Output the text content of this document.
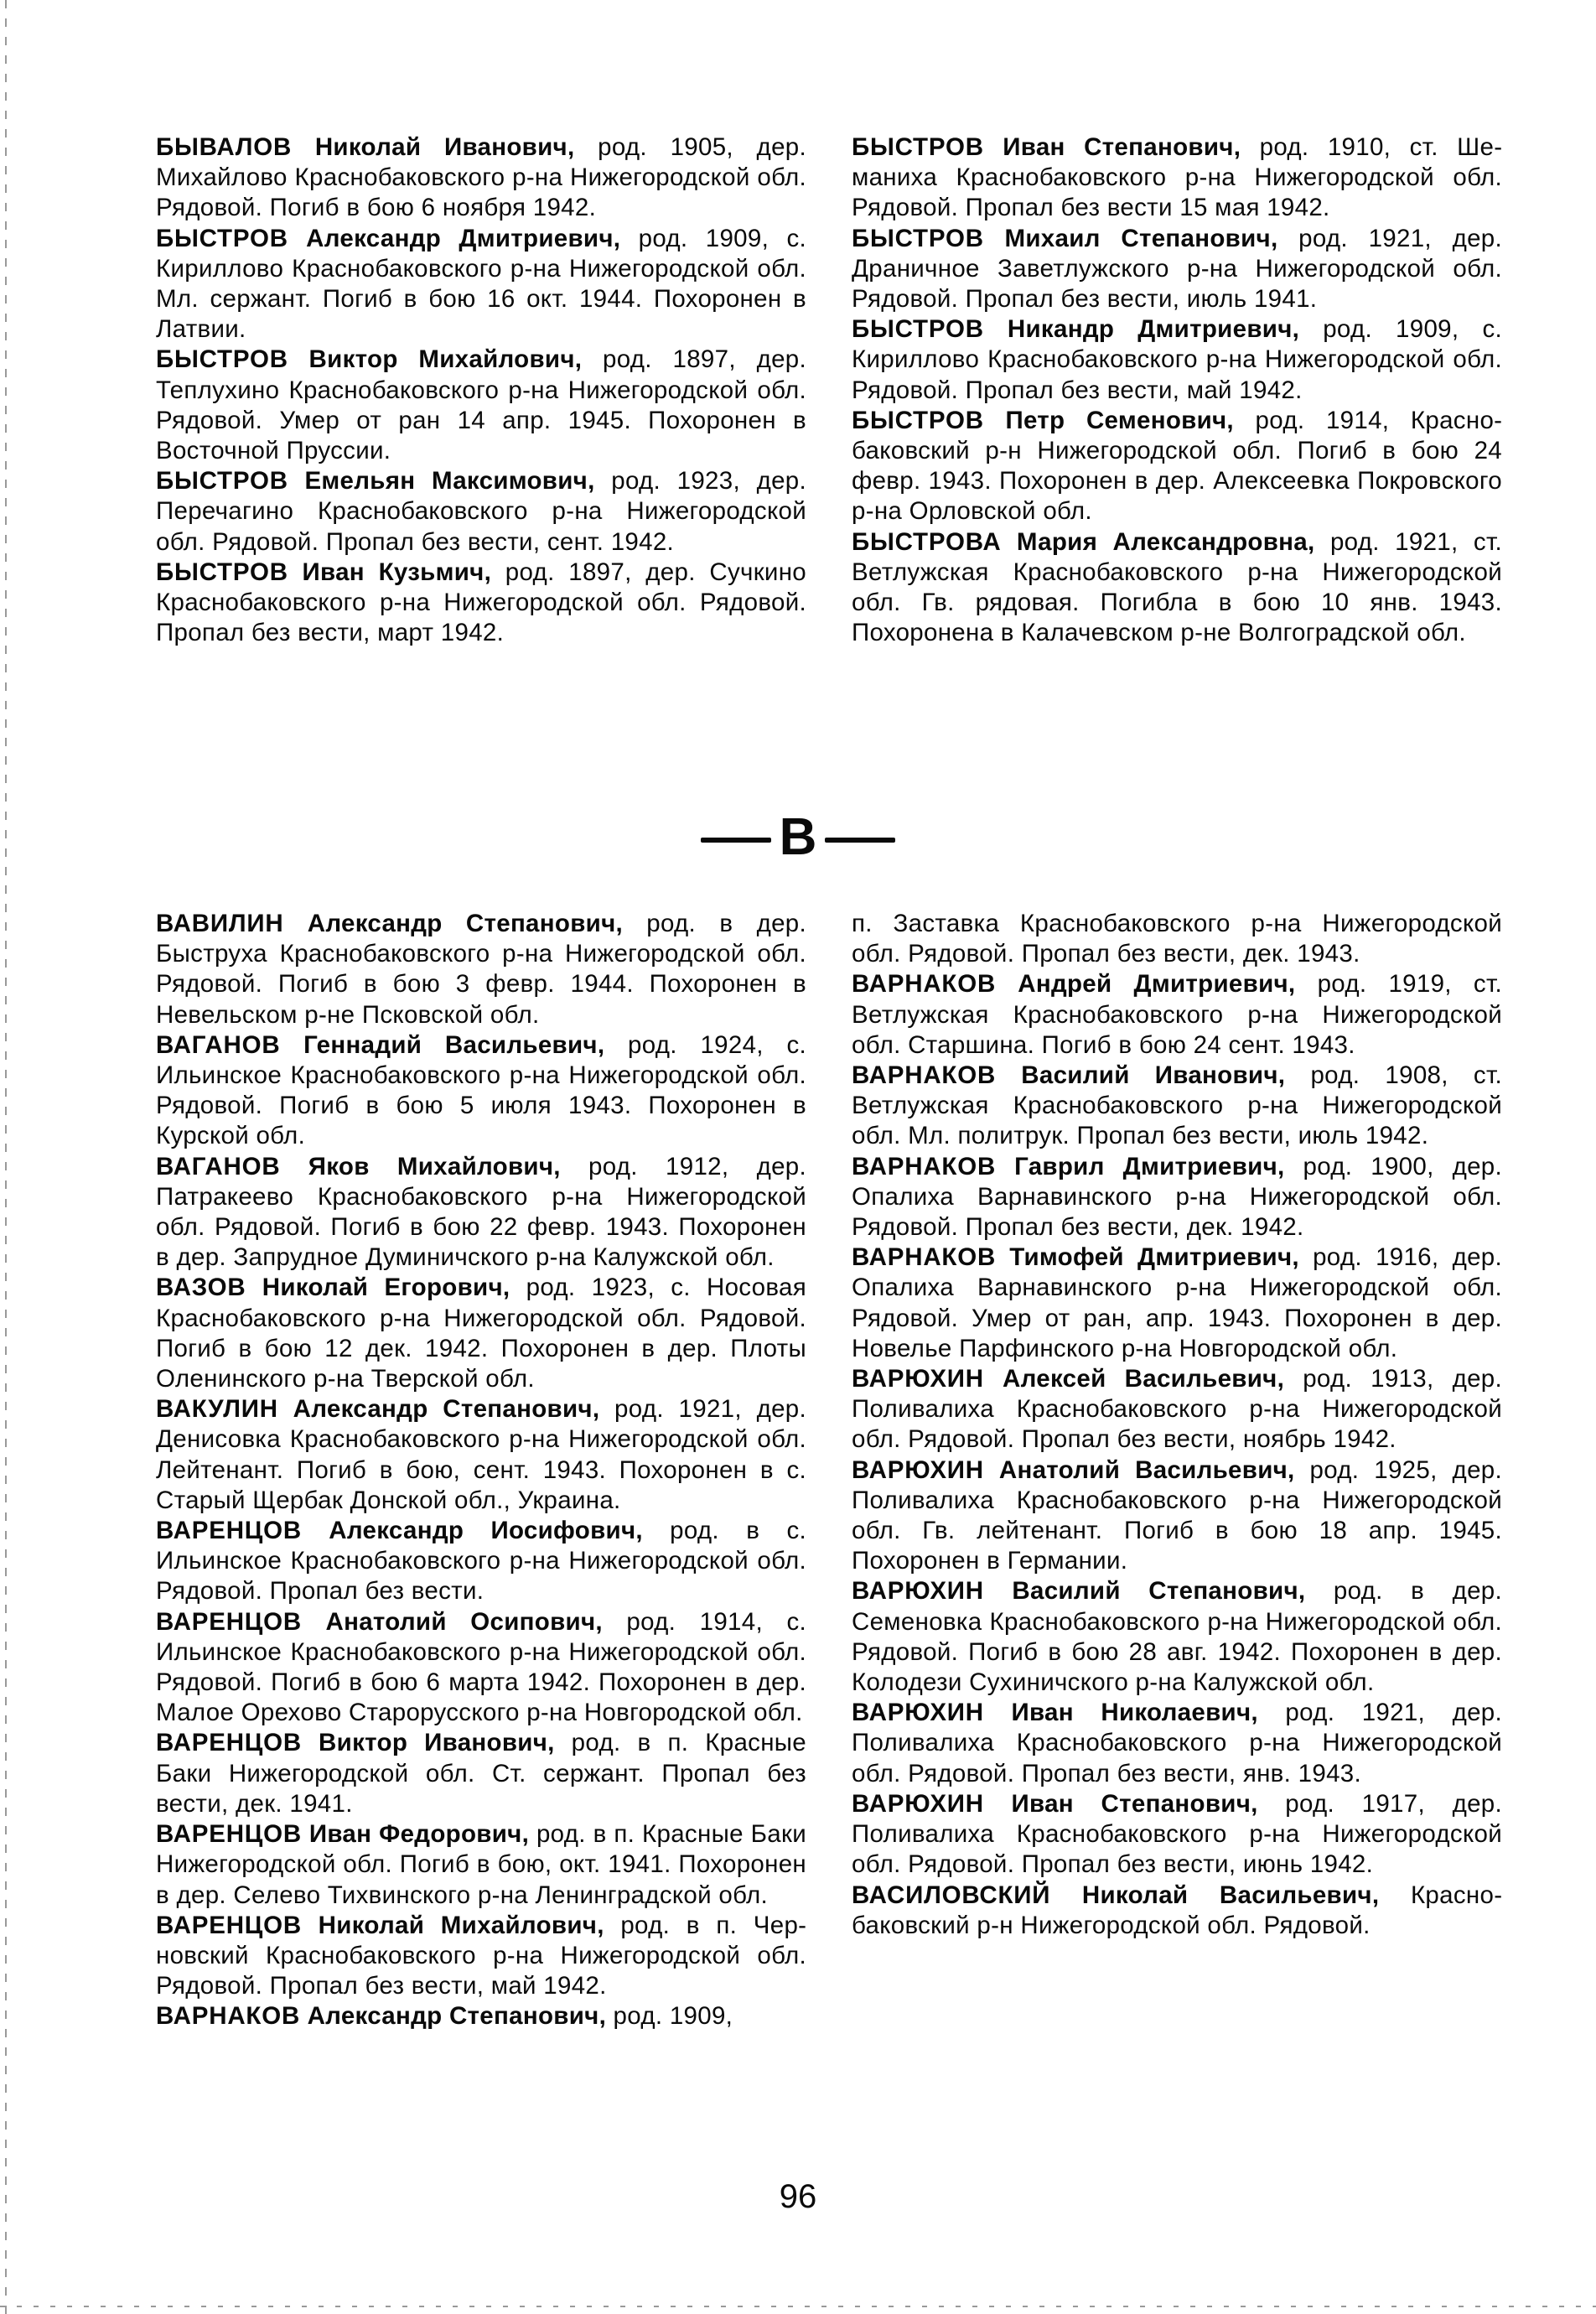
БЫВАЛОВ Николай Иванович, род. 1905, дер. Михайлово Краснобаковского р-на Нижегородской обл. Рядовой. Погиб в бою 6 ноября 1942.

БЫСТРОВ Александр Дмитриевич, род. 1909, с. Кириллово Краснобаковского р-на Нижегородской обл. Мл. сержант. Погиб в бою 16 окт. 1944. Похоронен в Латвии.

БЫСТРОВ Виктор Михайлович, род. 1897, дер. Теплухино Краснобаковского р-на Нижегородской обл. Рядовой. Умер от ран 14 апр. 1945. Похоронен в Восточной Пруссии.

БЫСТРОВ Емельян Максимович, род. 1923, дер. Перечагино Краснобаковского р-на Нижегородской обл. Рядовой. Пропал без вести, сент. 1942.

БЫСТРОВ Иван Кузьмич, род. 1897, дер. Сучкино Краснобаковского р-на Нижегородской обл. Рядовой. Пропал без вести, март 1942.

БЫСТРОВ Иван Степанович, род. 1910, ст. Шеманиха Краснобаковского р-на Нижегородской обл. Рядовой. Пропал без вести 15 мая 1942.

БЫСТРОВ Михаил Степанович, род. 1921, дер. Драничное Заветлужского р-на Нижегородской обл. Рядовой. Пропал без вести, июль 1941.

БЫСТРОВ Никандр Дмитриевич, род. 1909, с. Кириллово Краснобаковского р-на Нижегородской обл. Рядовой. Пропал без вести, май 1942.

БЫСТРОВ Петр Семенович, род. 1914, Краснобаковский р-н Нижегородской обл. Погиб в бою 24 февр. 1943. Похоронен в дер. Алексеевка Покровского р-на Орловской обл.

БЫСТРОВА Мария Александровна, род. 1921, ст. Ветлужская Краснобаковского р-на Нижегородской обл. Гв. рядовая. Погибла в бою 10 янв. 1943. Похоронена в Калачевском р-не Волгоградской обл.

В

ВАВИЛИН Александр Степанович, род. в дер. Быструха Краснобаковского р-на Нижегородской обл. Рядовой. Погиб в бою 3 февр. 1944. Похоронен в Невельском р-не Псковской обл.

ВАГАНОВ Геннадий Васильевич, род. 1924, с. Ильинское Краснобаковского р-на Нижегородской обл. Рядовой. Погиб в бою 5 июля 1943. Похоронен в Курской обл.

ВАГАНОВ Яков Михайлович, род. 1912, дер. Патракеево Краснобаковского р-на Нижегородской обл. Рядовой. Погиб в бою 22 февр. 1943. Похоронен в дер. Запрудное Думиничского р-на Калужской обл.

ВАЗОВ Николай Егорович, род. 1923, с. Носовая Краснобаковского р-на Нижегородской обл. Рядовой. Погиб в бою 12 дек. 1942. Похоронен в дер. Плоты Оленинского р-на Тверской обл.

ВАКУЛИН Александр Степанович, род. 1921, дер. Денисовка Краснобаковского р-на Нижегородской обл. Лейтенант. Погиб в бою, сент. 1943. Похоронен в с. Старый Щербак Донской обл., Украина.

ВАРЕНЦОВ Александр Иосифович, род. в с. Ильинское Краснобаковского р-на Нижегородской обл. Рядовой. Пропал без вести.

ВАРЕНЦОВ Анатолий Осипович, род. 1914, с. Ильинское Краснобаковского р-на Нижегородской обл. Рядовой. Погиб в бою 6 марта 1942. Похоронен в дер. Малое Орехово Старорусского р-на Новгородской обл.

ВАРЕНЦОВ Виктор Иванович, род. в п. Красные Баки Нижегородской обл. Ст. сержант. Пропал без вести, дек. 1941.

ВАРЕНЦОВ Иван Федорович, род. в п. Красные Баки Нижегородской обл. Погиб в бою, окт. 1941. Похоронен в дер. Селево Тихвинского р-на Ленинградской обл.

ВАРЕНЦОВ Николай Михайлович, род. в п. Черновский Краснобаковского р-на Нижегородской обл. Рядовой. Пропал без вести, май 1942.

ВАРНАКОВ Александр Степанович, род. 1909,

п. Заставка Краснобаковского р-на Нижегородской обл. Рядовой. Пропал без вести, дек. 1943.

ВАРНАКОВ Андрей Дмитриевич, род. 1919, ст. Ветлужская Краснобаковского р-на Нижегородской обл. Старшина. Погиб в бою 24 сент. 1943.

ВАРНАКОВ Василий Иванович, род. 1908, ст. Ветлужская Краснобаковского р-на Нижегородской обл. Мл. политрук. Пропал без вести, июль 1942.

ВАРНАКОВ Гаврил Дмитриевич, род. 1900, дер. Опалиха Варнавинского р-на Нижегородской обл. Рядовой. Пропал без вести, дек. 1942.

ВАРНАКОВ Тимофей Дмитриевич, род. 1916, дер. Опалиха Варнавинского р-на Нижегородской обл. Рядовой. Умер от ран, апр. 1943. Похоронен в дер. Новелье Парфинского р-на Новгородской обл.

ВАРЮХИН Алексей Васильевич, род. 1913, дер. Поливалиха Краснобаковского р-на Нижегородской обл. Рядовой. Пропал без вести, ноябрь 1942.

ВАРЮХИН Анатолий Васильевич, род. 1925, дер. Поливалиха Краснобаковского р-на Нижегородской обл. Гв. лейтенант. Погиб в бою 18 апр. 1945. Похоронен в Германии.

ВАРЮХИН Василий Степанович, род. в дер. Семеновка Краснобаковского р-на Нижегородской обл. Рядовой. Погиб в бою 28 авг. 1942. Похоронен в дер. Колодези Сухиничского р-на Калужской обл.

ВАРЮХИН Иван Николаевич, род. 1921, дер. Поливалиха Краснобаковского р-на Нижегородской обл. Рядовой. Пропал без вести, янв. 1943.

ВАРЮХИН Иван Степанович, род. 1917, дер. Поливалиха Краснобаковского р-на Нижегородской обл. Рядовой. Пропал без вести, июнь 1942.

ВАСИЛОВСКИЙ Николай Васильевич, Краснобаковский р-н Нижегородской обл. Рядовой.

96
